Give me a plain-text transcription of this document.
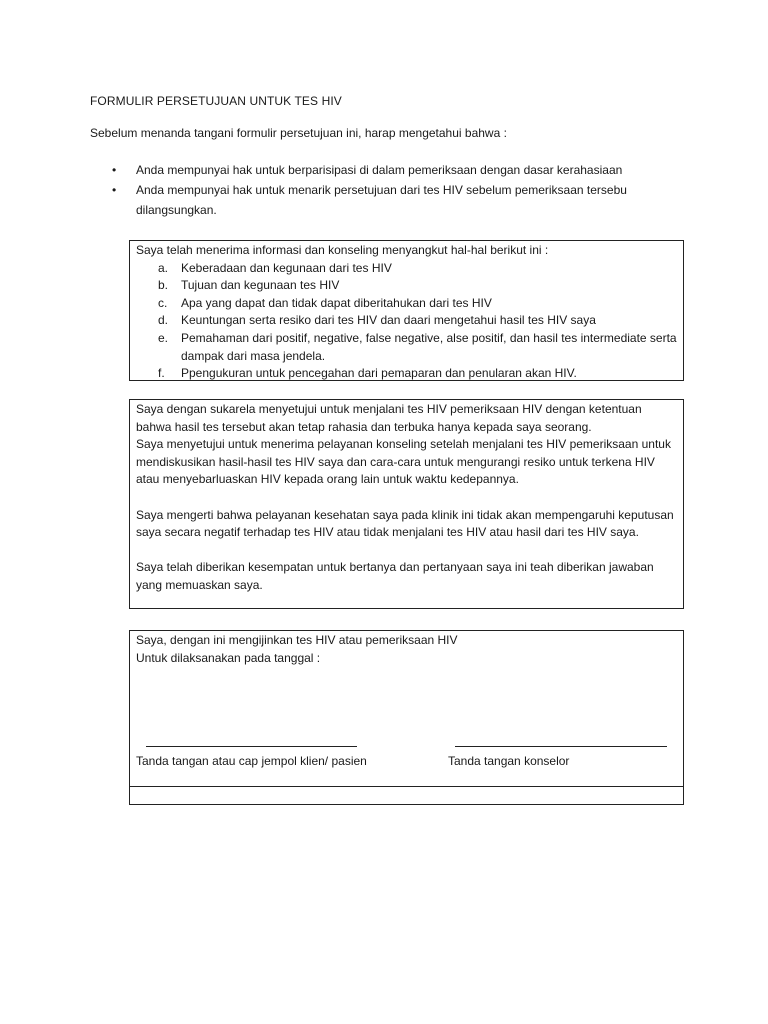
FORMULIR PERSETUJUAN UNTUK TES HIV
Sebelum menanda tangani formulir persetujuan ini, harap mengetahui bahwa :
• Anda mempunyai hak untuk berparisipasi di dalam pemeriksaan dengan dasar kerahasiaan
• Anda mempunyai hak untuk menarik persetujuan dari tes HIV sebelum pemeriksaan tersebu dilangsungkan.
Saya telah menerima informasi dan konseling menyangkut hal-hal berikut ini :
a. Keberadaan dan kegunaan dari tes HIV
b. Tujuan dan kegunaan tes HIV
c. Apa yang dapat dan tidak dapat diberitahukan dari tes HIV
d. Keuntungan serta resiko dari tes HIV dan daari mengetahui hasil tes HIV saya
e. Pemahaman dari positif, negative, false negative, alse positif, dan hasil tes intermediate serta dampak dari masa jendela.
f. Ppengukuran untuk pencegahan dari pemaparan dan penularan akan HIV.

Saya dengan sukarela menyetujui untuk menjalani tes HIV pemeriksaan HIV dengan ketentuan bahwa hasil tes tersebut akan tetap rahasia dan terbuka hanya kepada saya seorang.

Saya menyetujui untuk menerima pelayanan konseling setelah menjalani tes HIV pemeriksaan untuk mendiskusikan hasil-hasil tes HIV saya dan cara-cara untuk mengurangi resiko untuk terkena HIV atau menyebarluaskan HIV kepada orang lain untuk waktu kedepannya.

Saya mengerti bahwa pelayanan kesehatan saya pada klinik ini tidak akan mempengaruhi keputusan saya secara negatif terhadap tes HIV atau tidak menjalani tes HIV atau hasil dari tes HIV saya.

Saya telah diberikan kesempatan untuk bertanya dan pertanyaan saya ini teah diberikan jawaban yang memuaskan saya.

Saya, dengan ini mengijinkan tes HIV atau pemeriksaan HIV
Untuk dilaksanakan pada tanggal :
Tanda tangan atau cap jempol klien/ pasien	Tanda tangan konselor
